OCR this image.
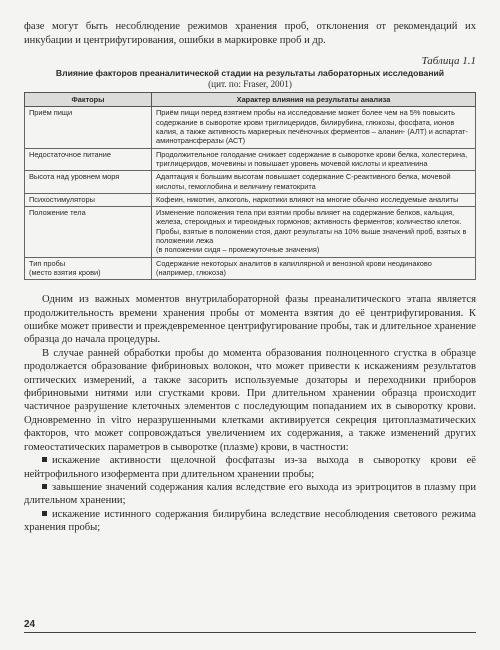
фазе могут быть несоблюдение режимов хранения проб, отклонения от рекомендаций их инкубации и центрифугирования, ошибки в маркировке проб и др.

Таблица 1.1
Влияние факторов преаналитической стадии на результаты лабораторных исследований
(цит. по: Fraser, 2001)
Факторы	Характер влияния на результаты анализа
Приём пищи	Приём пищи перед взятием пробы на исследование может более чем на 5% повысить содержание в сыворотке крови триглицеридов, билирубина, глюкозы, фосфата, ионов калия, а также активность маркерных печёночных ферментов – аланин- (АЛТ) и аспартат-аминотрансферазы (АСТ)
Недостаточное питание	Продолжительное голодание снижает содержание в сыворотке крови белка, холестерина, триглицеридов, мочевины и повышает уровень мочевой кислоты и креатинина
Высота над уровнем моря	Адаптация к большим высотам повышает содержание С-реактивного белка, мочевой кислоты, гемоглобина и величину гематокрита
Психостимуляторы	Кофеин, никотин, алкоголь, наркотики влияют на многие обычно исследуемые аналиты
Положение тела	Изменение положения тела при взятии пробы влияет на содержание белков, кальция, железа, стероидных и тиреоидных гормонов; активность ферментов; количество клеток. Пробы, взятые в положении стоя, дают результаты на 10% выше значений проб, взятых в положении лежа
(в положении сидя – промежуточные значения)

Тип пробы
(место взятия крови)	Содержание некоторых аналитов в капиллярной и венозной крови неодинаково (например, глюкоза)

Одним из важных моментов внутрилабораторной фазы преаналитического этапа является продолжительность времени хранения пробы от момента взятия до её центрифугирования. К ошибке может привести и преждевременное центрифугирование пробы, так и длительное хранение образца до начала процедуры.

В случае ранней обработки пробы до момента образования полноценного сгустка в образце продолжается образование фибриновых волокон, что может привести к искажениям результатов оптических измерений, а также засорить используемые дозаторы и переходники приборов фибриновыми нитями или сгустками крови. При длительном хранении образца происходит частичное разрушение клеточных элементов с последующим попаданием их в сыворотку крови. Одновременно in vitro неразрушенными клетками активируется секреция цитоплазматических факторов, что может сопровождаться увеличением их содержания, а также изменений других гомеостатических параметров в сыворотке (плазме) крови, в частности:

искажение активности щелочной фосфатазы из-за выхода в сыворотку крови её нейтрофильного изофермента при длительном хранении пробы;

завышение значений содержания калия вследствие его выхода из эритроцитов в плазму при длительном хранении;

искажение истинного содержания билирубина вследствие несоблюдения светового режима хранения пробы;

24
